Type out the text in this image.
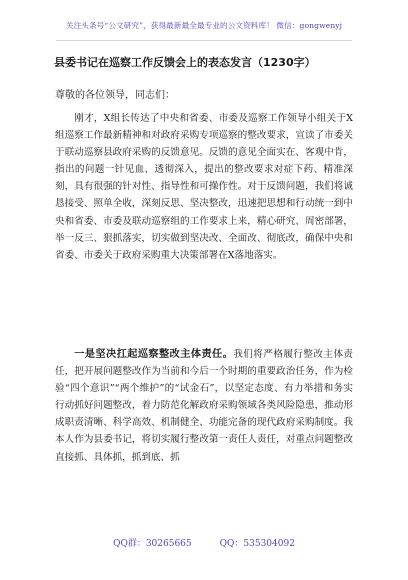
关注头条号“公文研究”，获得最新最全最专业的公文资料库！ 微信：gongwenyj
县委书记在巡察工作反馈会上的表态发言（1230字）
尊敬的各位领导，同志们：

刚才，X组长传达了中央和省委、市委及巡察工作领导小组关于X组巡察工作最新精神和对政府采购专项巡察的整改要求，宣读了市委关于联动巡察县政府采购的反馈意见。反馈的意见全面实在、客观中肯，指出的问题一针见血、透彻深入，提出的整改要求对症下药、精准深刻，具有很强的针对性、指导性和可操作性。对于反馈问题，我们将诚恳接受、照单全收，深刻反思、坚决整改，迅速把思想和行动统一到中央和省委、市委及联动巡察组的工作要求上来，精心研究、周密部署，举一反三、狠抓落实，切实做到坚决改、全面改、彻底改，确保中央和省委、市委关于政府采购重大决策部署在X落地落实。

一是坚决扛起巡察整改主体责任。我们将严格履行整改主体责任，把开展问题整改作为当前和今后一个时期的重要政治任务，作为检验“四个意识”“两个维护”的“试金石”，以坚定态度、有力举措和务实行动抓好问题整改，着力防范化解政府采购领域各类风险隐患，推动形成职责清晰、科学高效、机制健全、功能完备的现代政府采购制度。我本人作为县委书记，将切实履行整改第一责任人责任，对重点问题整改直接抓、具体抓，抓到底、抓

QQ群：30265665	QQ：535304092
